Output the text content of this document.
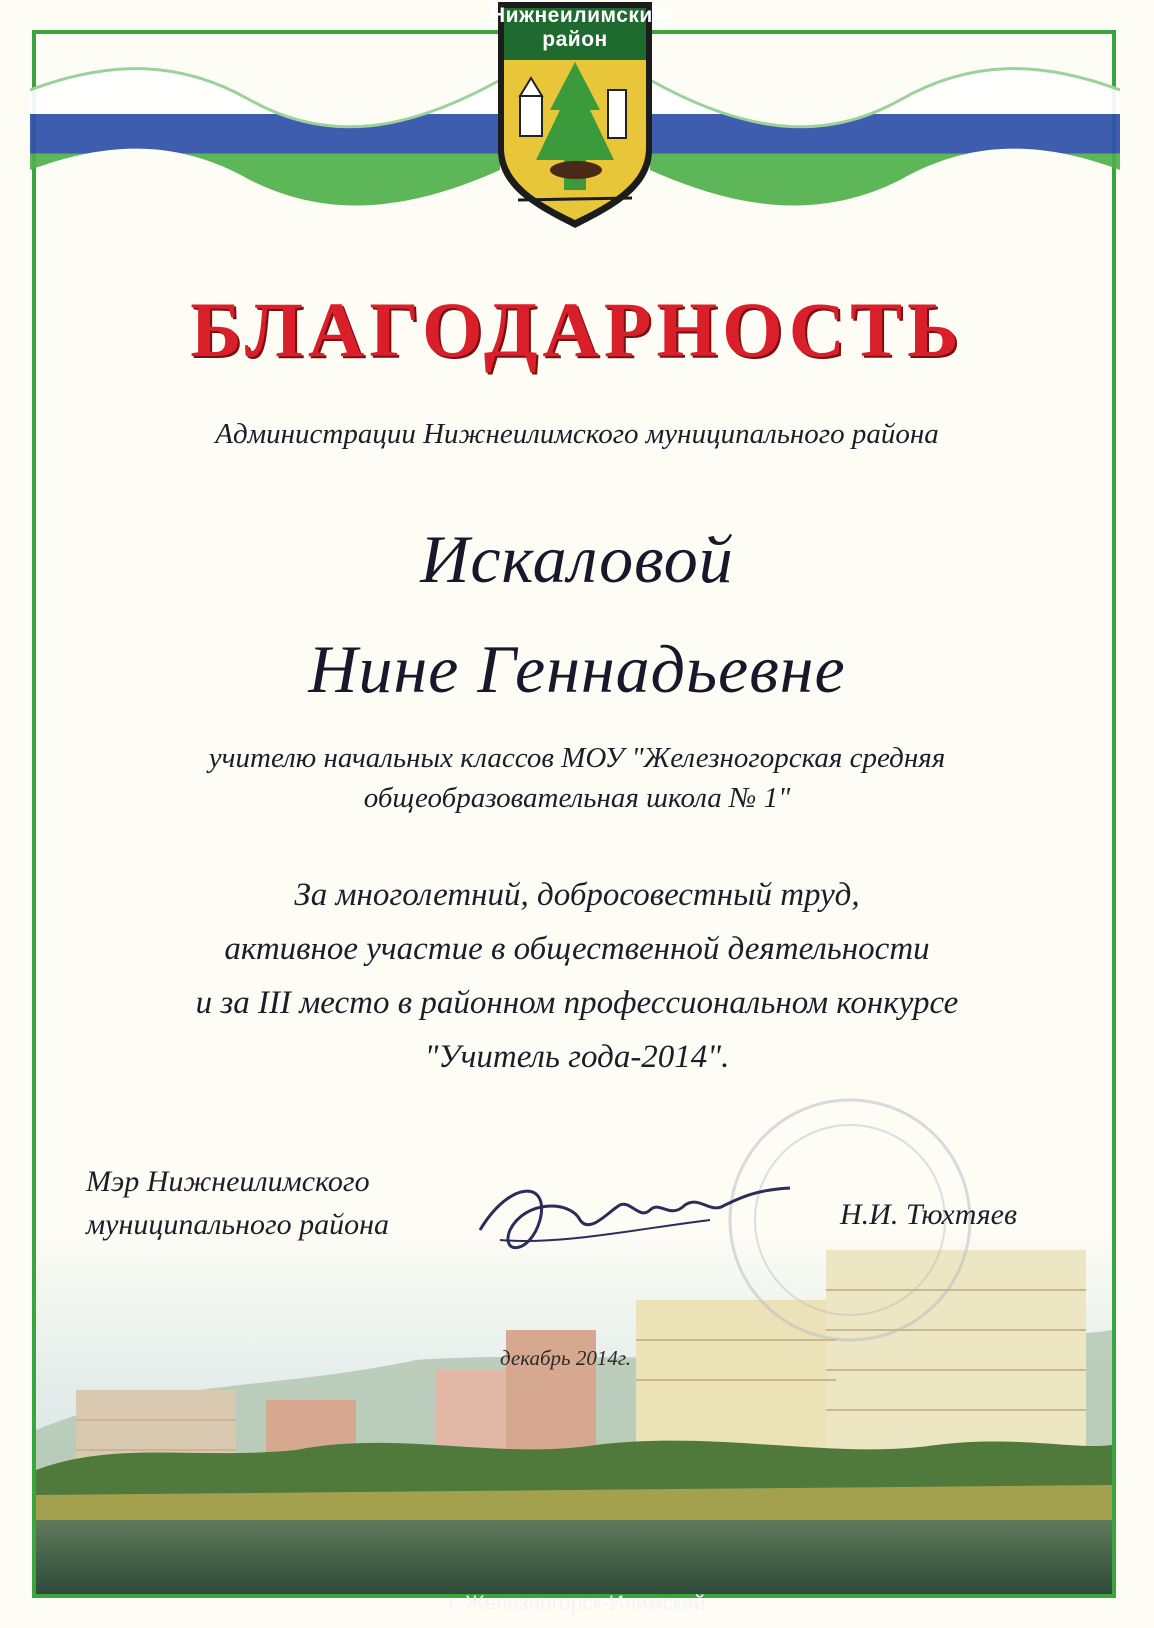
Нижнеилимский
район
БЛАГОДАРНОСТЬ
Администрации Нижнеилимского муниципального района
Искаловой
Нине Геннадьевне
учителю начальных классов МОУ "Железногорская средняя
общеобразовательная школа № 1"
За многолетний, добросовестный труд,
активное участие в общественной деятельности
и за III место в районном профессиональном конкурсе
"Учитель года-2014".
Мэр Нижнеилимского
муниципального района	Н.И. Тюхтяев
декабрь 2014г.
г. Железногорск-Илимский
